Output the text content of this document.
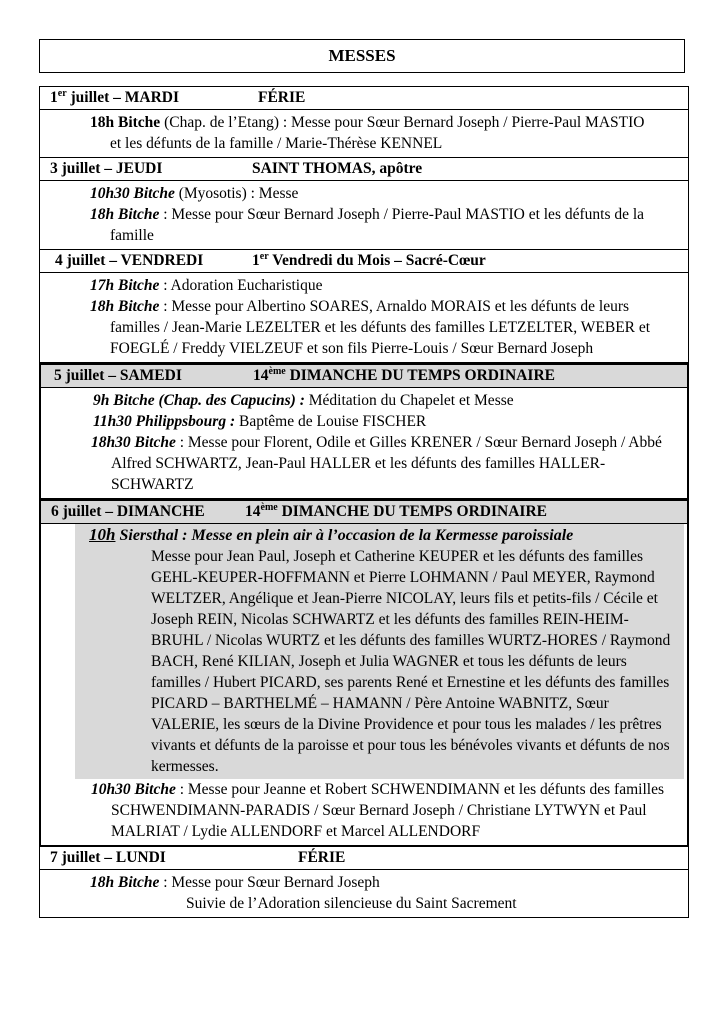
MESSES
1er juillet – MARDI	FÉRIE
18h Bitche (Chap. de l’Etang) : Messe pour Sœur Bernard Joseph / Pierre-Paul MASTIO et les défunts de la famille / Marie-Thérèse KENNEL
3 juillet – JEUDI	SAINT THOMAS, apôtre
10h30 Bitche (Myosotis) : Messe
18h Bitche : Messe pour Sœur Bernard Joseph / Pierre-Paul MASTIO et les défunts de la famille
4 juillet – VENDREDI	1er Vendredi du Mois – Sacré-Cœur
17h Bitche : Adoration Eucharistique
18h Bitche : Messe pour Albertino SOARES, Arnaldo MORAIS et les défunts de leurs familles / Jean-Marie LEZELTER et les défunts des familles LETZELTER, WEBER et FOEGLÉ / Freddy VIELZEUF et son fils Pierre-Louis / Sœur Bernard Joseph
5 juillet – SAMEDI	14ème DIMANCHE DU TEMPS ORDINAIRE
9h Bitche (Chap. des Capucins) : Méditation du Chapelet et Messe
11h30 Philippsbourg : Baptême de Louise FISCHER
18h30 Bitche : Messe pour Florent, Odile et Gilles KRENER / Sœur Bernard Joseph / Abbé Alfred SCHWARTZ, Jean-Paul HALLER et les défunts des familles HALLER-SCHWARTZ
6 juillet – DIMANCHE	14ème DIMANCHE DU TEMPS ORDINAIRE
10h Siersthal : Messe en plein air à l’occasion de la Kermesse paroissiale
Messe pour Jean Paul, Joseph et Catherine KEUPER et les défunts des familles GEHL-KEUPER-HOFFMANN et Pierre LOHMANN / Paul MEYER, Raymond WELTZER, Angélique et Jean-Pierre NICOLAY, leurs fils et petits-fils / Cécile et Joseph REIN, Nicolas SCHWARTZ et les défunts des familles REIN-HEIM-BRUHL / Nicolas WURTZ et les défunts des familles WURTZ-HORES / Raymond BACH, René KILIAN, Joseph et Julia WAGNER et tous les défunts de leurs familles / Hubert PICARD, ses parents René et Ernestine et les défunts des familles PICARD – BARTHELMÉ – HAMANN / Père Antoine WABNITZ, Sœur VALERIE, les sœurs de la Divine Providence et pour tous les malades / les prêtres vivants et défunts de la paroisse et pour tous les bénévoles vivants et défunts de nos kermesses.
10h30 Bitche : Messe pour Jeanne et Robert SCHWENDIMANN et les défunts des familles SCHWENDIMANN-PARADIS / Sœur Bernard Joseph / Christiane LYTWYN et Paul MALRIAT / Lydie ALLENDORF et Marcel ALLENDORF
7 juillet – LUNDI	FÉRIE
18h Bitche : Messe pour Sœur Bernard Joseph
Suivie de l’Adoration silencieuse du Saint Sacrement
